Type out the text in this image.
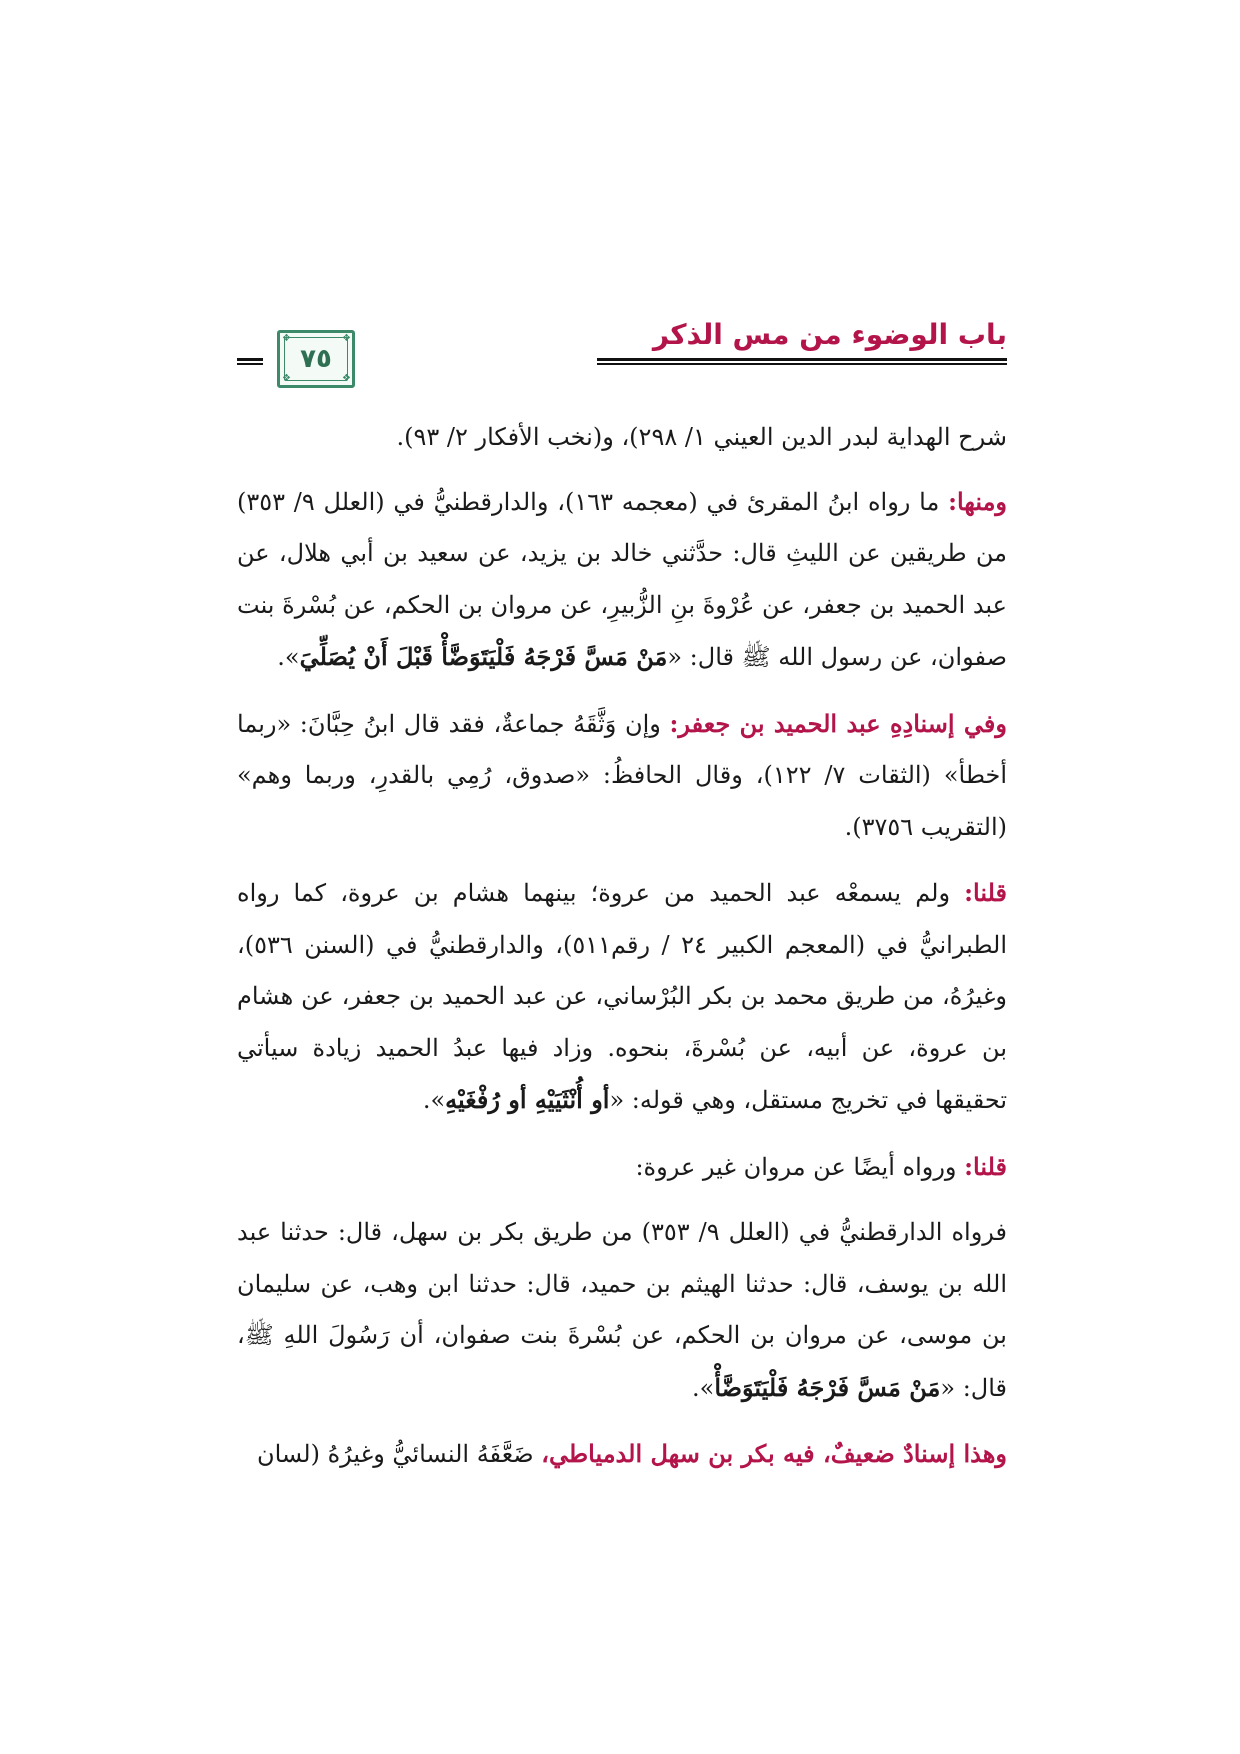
باب الوضوء من مس الذكر
❖	❖
❖	❖
٧٥

شرح الهداية لبدر الدين العيني ١/ ٢٩٨)، و(نخب الأفكار ٢/ ٩٣).

ومنها: ما رواه ابنُ المقرئ في (معجمه ١٦٣)، والدارقطنيُّ في (العلل ٩/ ٣٥٣) من طريقين عن الليثِ قال: حدَّثني خالد بن يزيد، عن سعيد بن أبي هلال، عن عبد الحميد بن جعفر، عن عُرْوةَ بنِ الزُّبيرِ، عن مروان بن الحكم، عن بُسْرةَ بنت صفوان، عن رسول الله ﷺ قال: «مَنْ مَسَّ فَرْجَهُ فَلْيَتَوَضَّأْ قَبْلَ أَنْ يُصَلِّيَ».

وفي إسنادِهِ عبد الحميد بن جعفر: وإن وَثَّقَهُ جماعةٌ، فقد قال ابنُ حِبَّانَ: «ربما أخطأ» (الثقات ٧/ ١٢٢)، وقال الحافظُ: «صدوق، رُمِي بالقدرِ، وربما وهم» (التقريب ٣٧٥٦).

قلنا: ولم يسمعْه عبد الحميد من عروة؛ بينهما هشام بن عروة، كما رواه الطبرانيُّ في (المعجم الكبير ٢٤ / رقم٥١١)، والدارقطنيُّ في (السنن ٥٣٦)، وغيرُهُ، من طريق محمد بن بكر البُرْساني، عن عبد الحميد بن جعفر، عن هشام بن عروة، عن أبيه، عن بُسْرةَ، بنحوه. وزاد فيها عبدُ الحميد زيادة سيأتي تحقيقها في تخريج مستقل، وهي قوله: «أو أُنْثَيَيْهِ أو رُفْغَيْهِ».

قلنا: ورواه أيضًا عن مروان غير عروة:

فرواه الدارقطنيُّ في (العلل ٩/ ٣٥٣) من طريق بكر بن سهل، قال: حدثنا عبد الله بن يوسف، قال: حدثنا الهيثم بن حميد، قال: حدثنا ابن وهب، عن سليمان بن موسى، عن مروان بن الحكم، عن بُسْرةَ بنت صفوان، أن رَسُولَ اللهِ ﷺ، قال: «مَنْ مَسَّ فَرْجَهُ فَلْيَتَوَضَّأْ».

وهذا إسنادٌ ضعيفٌ، فيه بكر بن سهل الدمياطي، ضَعَّفَهُ النسائيُّ وغيرُهُ (لسان
